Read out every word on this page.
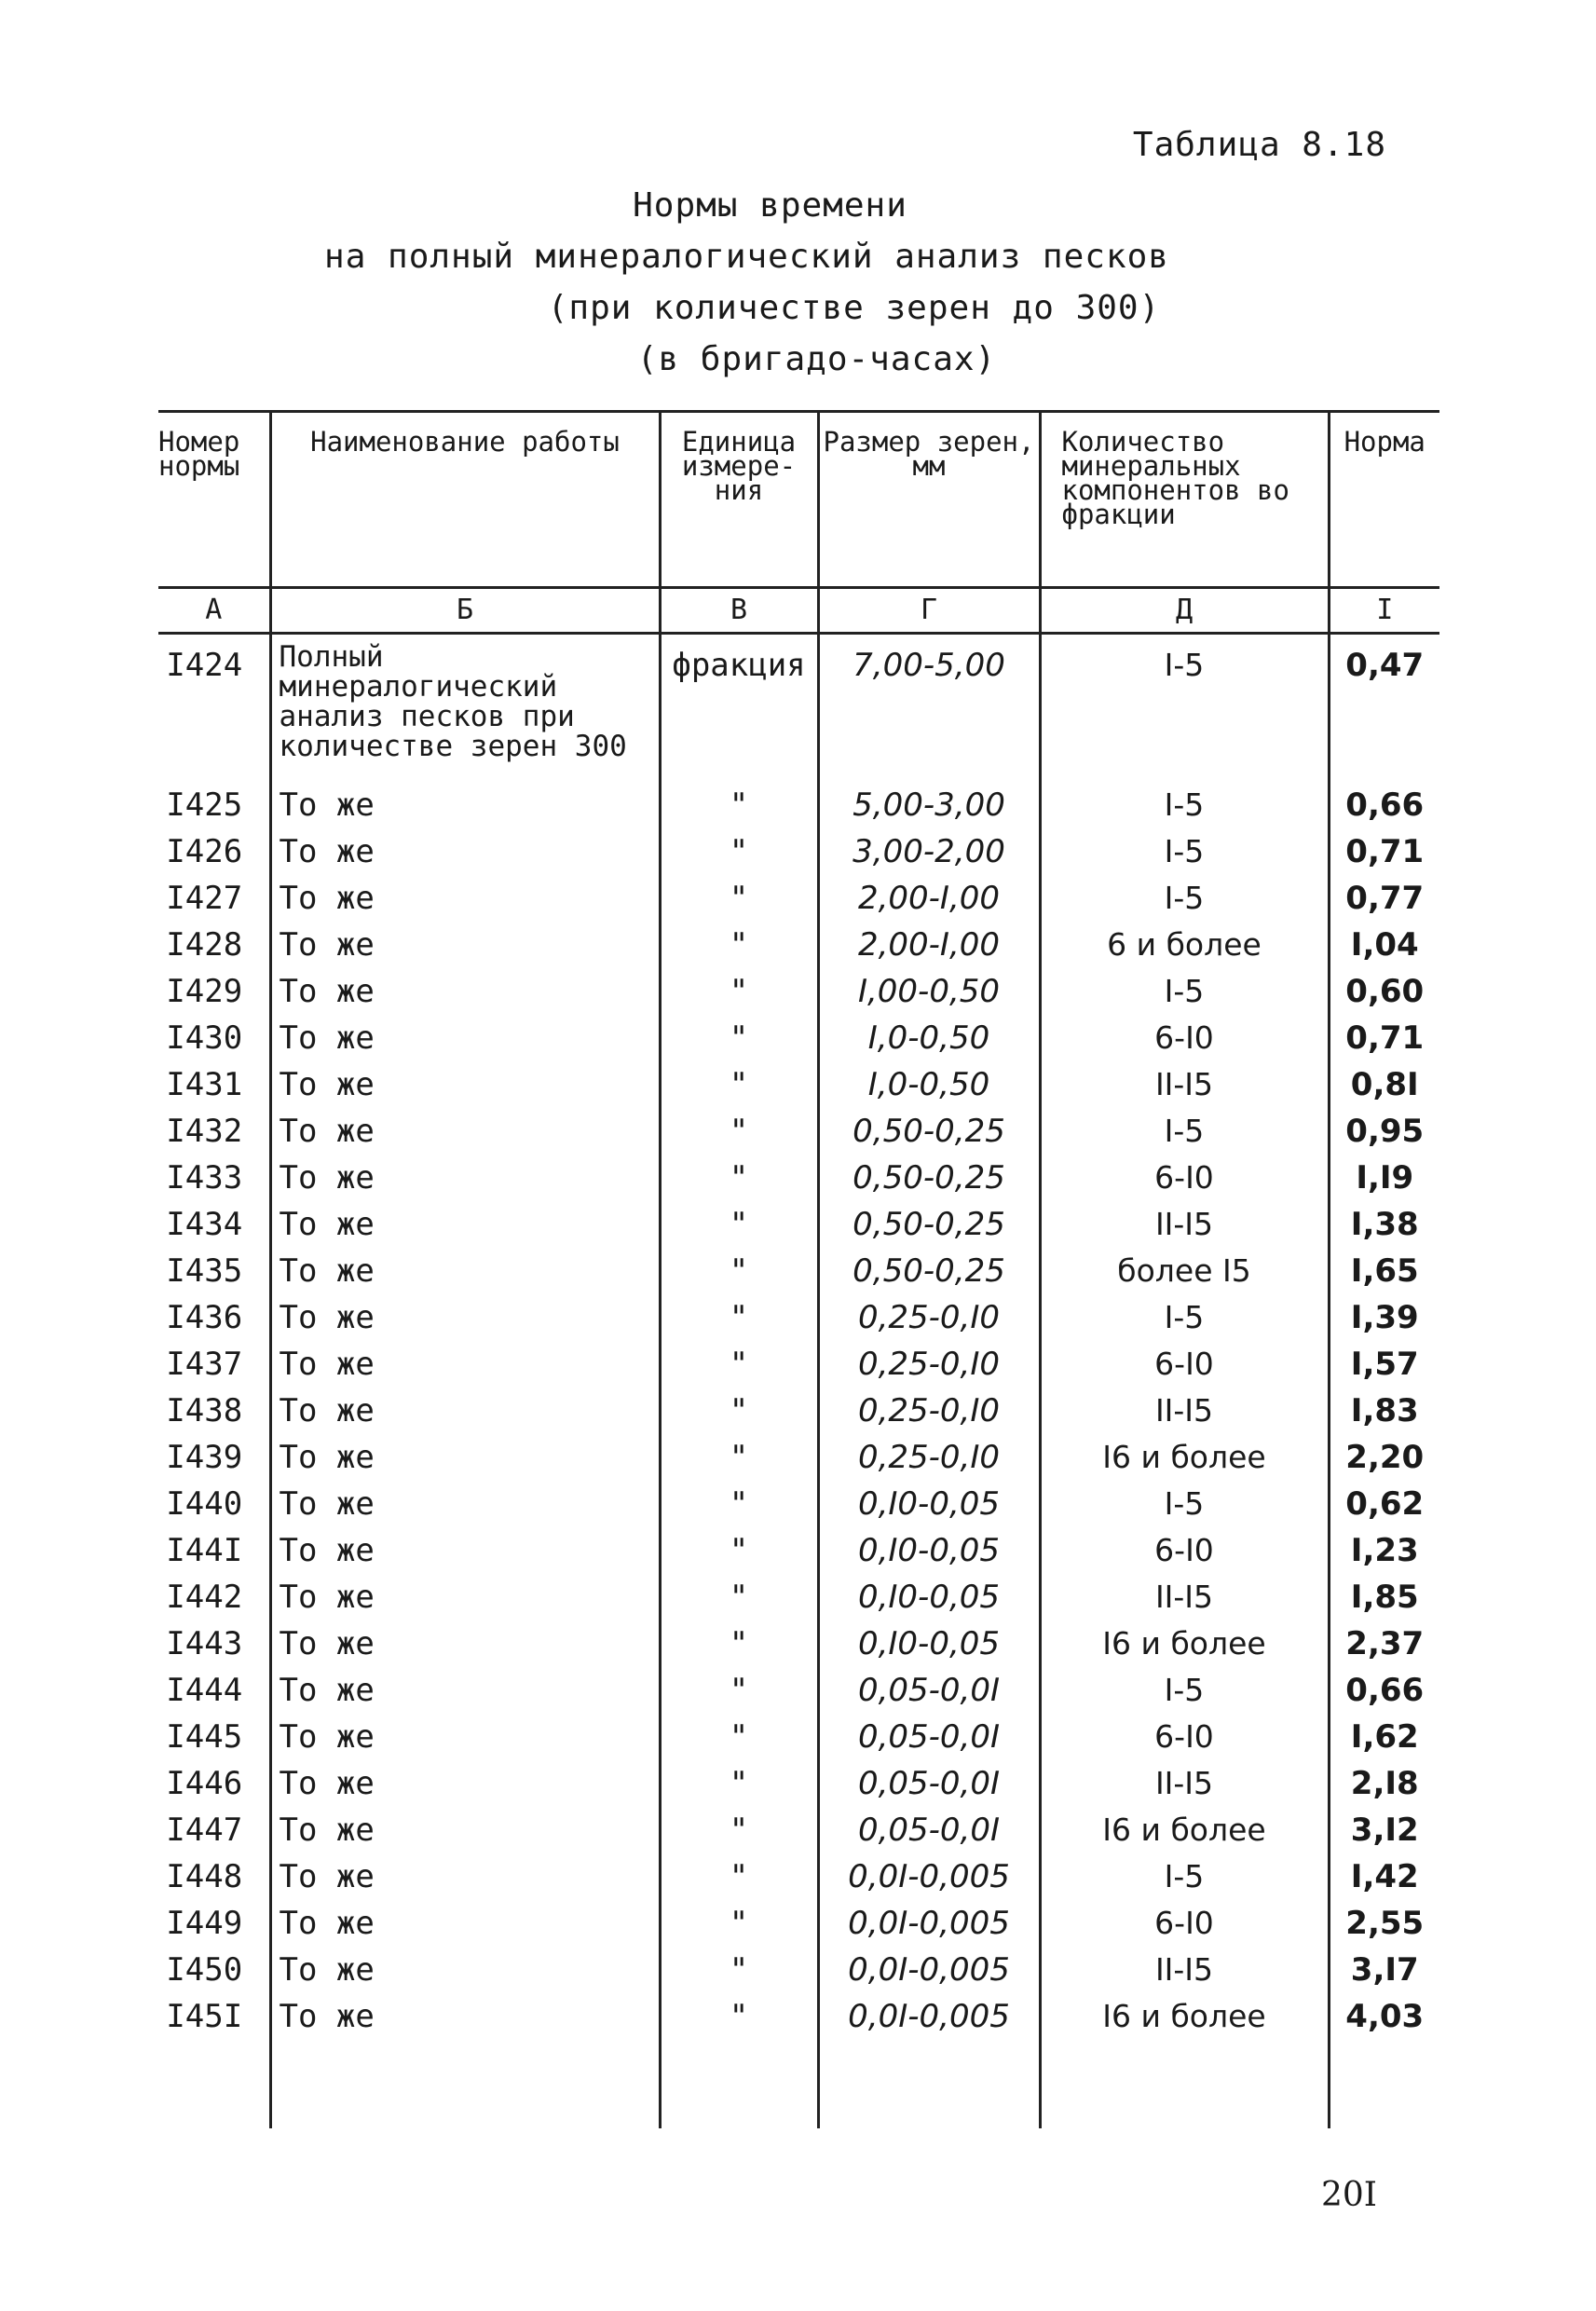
Таблица 8.18
Нормы времени
на полный минералогический анализ песков
(при количестве зерен до 300)
(в бригадо-часах)
Номер нормы	Наименование работы	Единица измере-ния	Размер зерен, мм	Количество минеральных компонентов во фракции	Норма
А	Б	В	Г	Д	I
I424	Полный минералогический анализ песков при количестве зерен 300	фракция	7,00-5,00	I-5	0,47
I425	То же	"	5,00-3,00	I-5	0,66
I426	То же	"	3,00-2,00	I-5	0,71
I427	То же	"	2,00-I,00	I-5	0,77
I428	То же	"	2,00-I,00	6 и более	I,04
I429	То же	"	I,00-0,50	I-5	0,60
I430	То же	"	I,0-0,50	6-I0	0,71
I431	То же	"	I,0-0,50	II-I5	0,8I
I432	То же	"	0,50-0,25	I-5	0,95
I433	То же	"	0,50-0,25	6-I0	I,I9
I434	То же	"	0,50-0,25	II-I5	I,38
I435	То же	"	0,50-0,25	более I5	I,65
I436	То же	"	0,25-0,I0	I-5	I,39
I437	То же	"	0,25-0,I0	6-I0	I,57
I438	То же	"	0,25-0,I0	II-I5	I,83
I439	То же	"	0,25-0,I0	I6 и более	2,20
I440	То же	"	0,I0-0,05	I-5	0,62
I44I	То же	"	0,I0-0,05	6-I0	I,23
I442	То же	"	0,I0-0,05	II-I5	I,85
I443	То же	"	0,I0-0,05	I6 и более	2,37
I444	То же	"	0,05-0,0I	I-5	0,66
I445	То же	"	0,05-0,0I	6-I0	I,62
I446	То же	"	0,05-0,0I	II-I5	2,I8
I447	То же	"	0,05-0,0I	I6 и более	3,I2
I448	То же	"	0,0I-0,005	I-5	I,42
I449	То же	"	0,0I-0,005	6-I0	2,55
I450	То же	"	0,0I-0,005	II-I5	3,I7
I45I	То же	"	0,0I-0,005	I6 и более	4,03

20I
